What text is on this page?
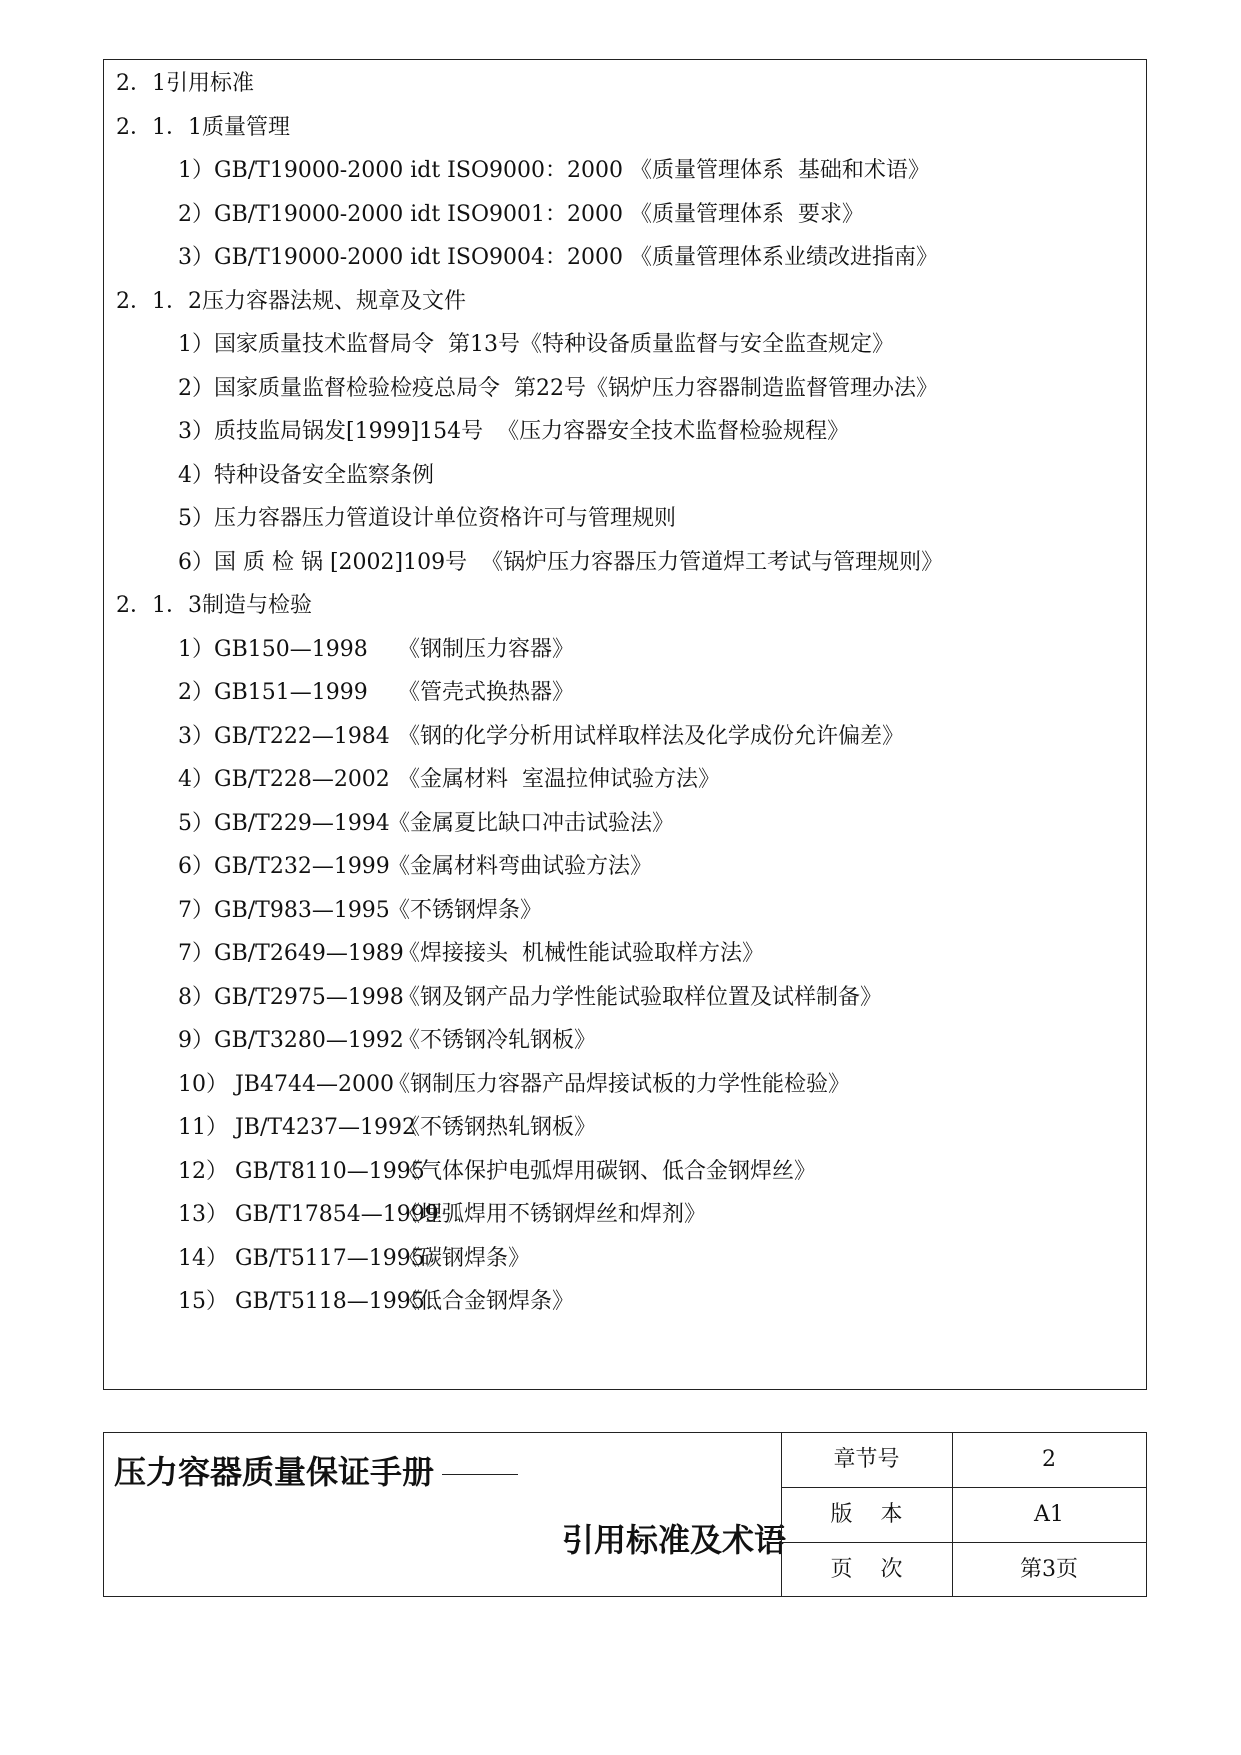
2．1引用标准
2．1．1质量管理
1）GB/T19000-2000 idt ISO9000：2000 《质量管理体系  基础和术语》
2）GB/T19000-2000 idt ISO9001：2000 《质量管理体系  要求》
3）GB/T19000-2000 idt ISO9004：2000 《质量管理体系业绩改进指南》
2．1．2压力容器法规、规章及文件
1）国家质量技术监督局令  第13号《特种设备质量监督与安全监查规定》
2）国家质量监督检验检疫总局令  第22号《锅炉压力容器制造监督管理办法》
3）质技监局锅发[1999]154号  《压力容器安全技术监督检验规程》
4）特种设备安全监察条例
5）压力容器压力管道设计单位资格许可与管理规则
6）国 质 检 锅 [2002]109号  《锅炉压力容器压力管道焊工考试与管理规则》
2．1．3制造与检验
1）GB150—1998 《钢制压力容器》
2）GB151—1999 《管壳式换热器》
3）GB/T222—1984 《钢的化学分析用试样取样法及化学成份允许偏差》
4）GB/T228—2002 《金属材料  室温拉伸试验方法》
5）GB/T229—1994《金属夏比缺口冲击试验法》
6）GB/T232—1999《金属材料弯曲试验方法》
7）GB/T983—1995《不锈钢焊条》
7）GB/T2649—1989《焊接接头  机械性能试验取样方法》
8）GB/T2975—1998《钢及钢产品力学性能试验取样位置及试样制备》
9）GB/T3280—1992《不锈钢冷轧钢板》
10） JB4744—2000《钢制压力容器产品焊接试板的力学性能检验》
11） JB/T4237—1992《不锈钢热轧钢板》
12） GB/T8110—1995《气体保护电弧焊用碳钢、低合金钢焊丝》
13） GB/T17854—1999《埋弧焊用不锈钢焊丝和焊剂》
14） GB/T5117—1995《碳钢焊条》
15） GB/T5118—1995《低合金钢焊条》
压力容器质量保证手册
引用标准及术语
章节号	2
版    本	A1
页    次	第3页
